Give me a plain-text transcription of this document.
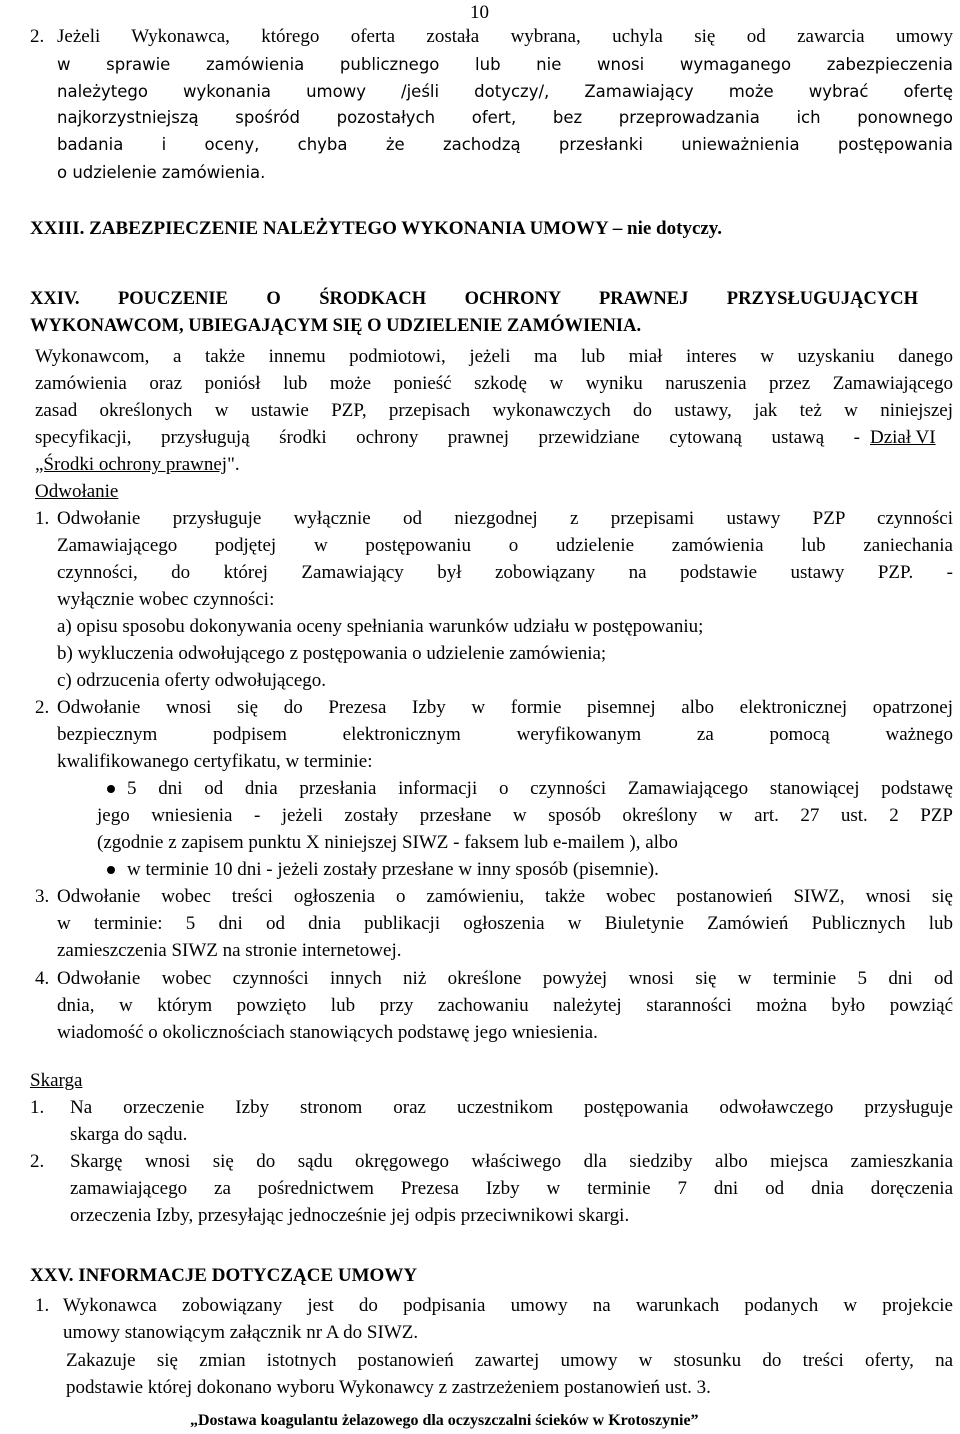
10
2. Jeżeli Wykonawca, którego oferta została wybrana, uchyla się od zawarcia umowy
w sprawie zamówienia publicznego lub nie wnosi wymaganego zabezpieczenia
należytego wykonania umowy /jeśli dotyczy/, Zamawiający może wybrać ofertę
najkorzystniejszą spośród pozostałych ofert, bez przeprowadzania ich ponownego
badania i oceny, chyba że zachodzą przesłanki unieważnienia postępowania
o udzielenie zamówienia.
XXIII. ZABEZPIECZENIE NALEŻYTEGO WYKONANIA UMOWY – nie dotyczy.
XXIV. POUCZENIE O ŚRODKACH OCHRONY PRAWNEJ PRZYSŁUGUJĄCYCH
WYKONAWCOM, UBIEGAJĄCYM SIĘ O UDZIELENIE ZAMÓWIENIA.
Wykonawcom, a także innemu podmiotowi, jeżeli ma lub miał interes w uzyskaniu danego
zamówienia oraz poniósł lub może ponieść szkodę w wyniku naruszenia przez Zamawiającego
zasad określonych w ustawie PZP, przepisach wykonawczych do ustawy, jak też w niniejszej
specyfikacji, przysługują środki ochrony prawnej przewidziane cytowaną ustawą - Dział VI
„Środki ochrony prawnej".
Odwołanie
1. Odwołanie przysługuje wyłącznie od niezgodnej z przepisami ustawy PZP czynności
Zamawiającego podjętej w postępowaniu o udzielenie zamówienia lub zaniechania
czynności, do której Zamawiający był zobowiązany na podstawie ustawy PZP. -
wyłącznie wobec czynności:
a) opisu sposobu dokonywania oceny spełniania warunków udziału w postępowaniu;
b) wykluczenia odwołującego z postępowania o udzielenie zamówienia;
c) odrzucenia oferty odwołującego.
2. Odwołanie wnosi się do Prezesa Izby w formie pisemnej albo elektronicznej opatrzonej
bezpiecznym podpisem elektronicznym weryfikowanym za pomocą ważnego
kwalifikowanego certyfikatu, w terminie:
5 dni od dnia przesłania informacji o czynności Zamawiającego stanowiącej podstawę
jego wniesienia - jeżeli zostały przesłane w sposób określony w art. 27 ust. 2 PZP
(zgodnie z zapisem punktu X niniejszej SIWZ - faksem lub e-mailem ), albo
w terminie 10 dni - jeżeli zostały przesłane w inny sposób (pisemnie).
3. Odwołanie wobec treści ogłoszenia o zamówieniu, także wobec postanowień SIWZ, wnosi się
w terminie: 5 dni od dnia publikacji ogłoszenia w Biuletynie Zamówień Publicznych lub
zamieszczenia SIWZ na stronie internetowej.
4. Odwołanie wobec czynności innych niż określone powyżej wnosi się w terminie 5 dni od
dnia, w którym powzięto lub przy zachowaniu należytej staranności można było powziąć
wiadomość o okolicznościach stanowiących podstawę jego wniesienia.
Skarga
1. Na orzeczenie Izby stronom oraz uczestnikom postępowania odwoławczego przysługuje
skarga do sądu.
2. Skargę wnosi się do sądu okręgowego właściwego dla siedziby albo miejsca zamieszkania
zamawiającego za pośrednictwem Prezesa Izby w terminie 7 dni od dnia doręczenia
orzeczenia Izby, przesyłając jednocześnie jej odpis przeciwnikowi skargi.
XXV. INFORMACJE DOTYCZĄCE UMOWY
1. Wykonawca zobowiązany jest do podpisania umowy na warunkach podanych w projekcie
umowy stanowiącym załącznik nr A do SIWZ.
Zakazuje się zmian istotnych postanowień zawartej umowy w stosunku do treści oferty, na
podstawie której dokonano wyboru Wykonawcy z zastrzeżeniem postanowień ust. 3.
„Dostawa koagulantu żelazowego dla oczyszczalni ścieków w Krotoszynie”
